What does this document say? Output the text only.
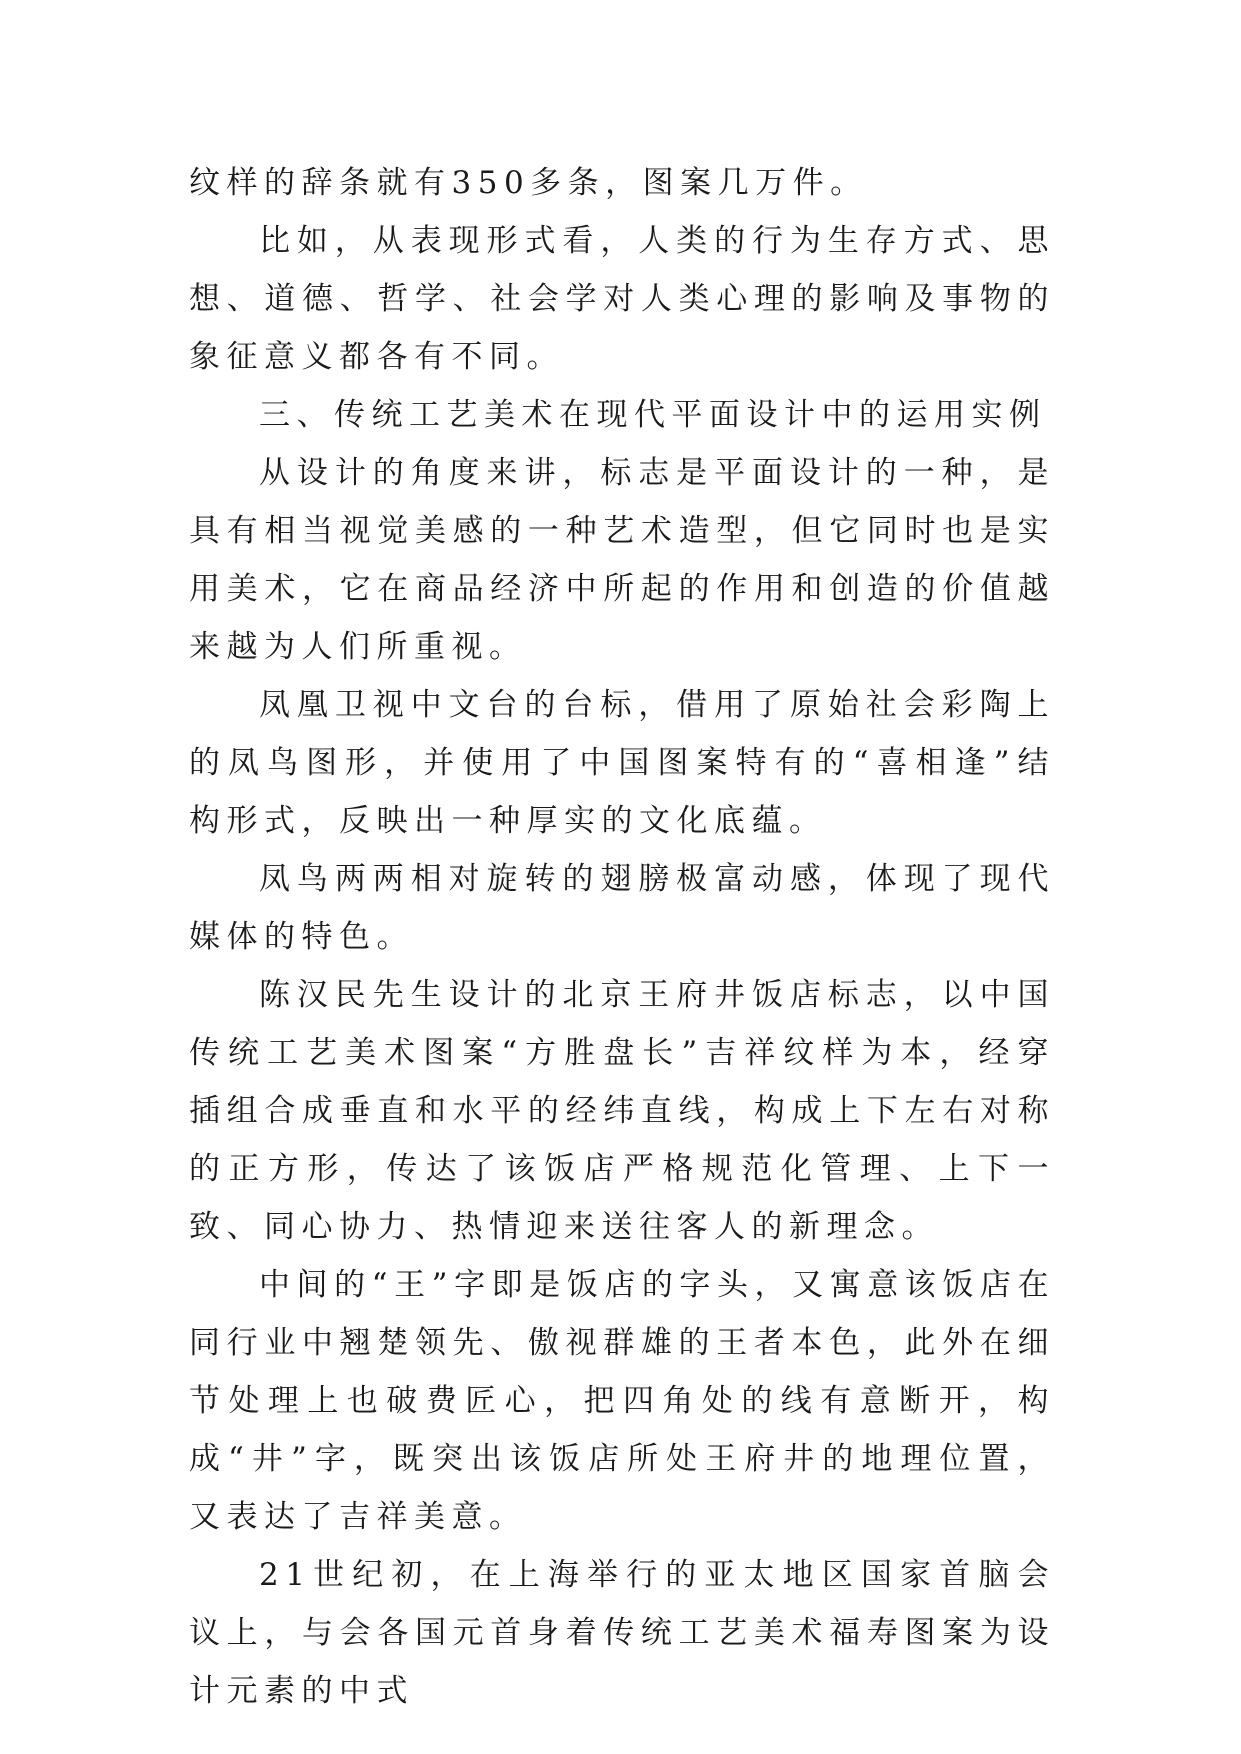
纹样的辞条就有350多条，图案几万件。

比如，从表现形式看，人类的行为生存方式、思想、道德、哲学、社会学对人类心理的影响及事物的象征意义都各有不同。

三、传统工艺美术在现代平面设计中的运用实例

从设计的角度来讲，标志是平面设计的一种，是具有相当视觉美感的一种艺术造型，但它同时也是实用美术，它在商品经济中所起的作用和创造的价值越来越为人们所重视。

凤凰卫视中文台的台标，借用了原始社会彩陶上的凤鸟图形，并使用了中国图案特有的“喜相逢”结构形式，反映出一种厚实的文化底蕴。

凤鸟两两相对旋转的翅膀极富动感，体现了现代媒体的特色。

陈汉民先生设计的北京王府井饭店标志，以中国传统工艺美术图案“方胜盘长”吉祥纹样为本，经穿插组合成垂直和水平的经纬直线，构成上下左右对称的正方形，传达了该饭店严格规范化管理、上下一致、同心协力、热情迎来送往客人的新理念。

中间的“王”字即是饭店的字头，又寓意该饭店在同行业中翘楚领先、傲视群雄的王者本色，此外在细节处理上也破费匠心，把四角处的线有意断开，构成“井”字，既突出该饭店所处王府井的地理位置，又表达了吉祥美意。

21世纪初，在上海举行的亚太地区国家首脑会议上，与会各国元首身着传统工艺美术福寿图案为设计元素的中式
